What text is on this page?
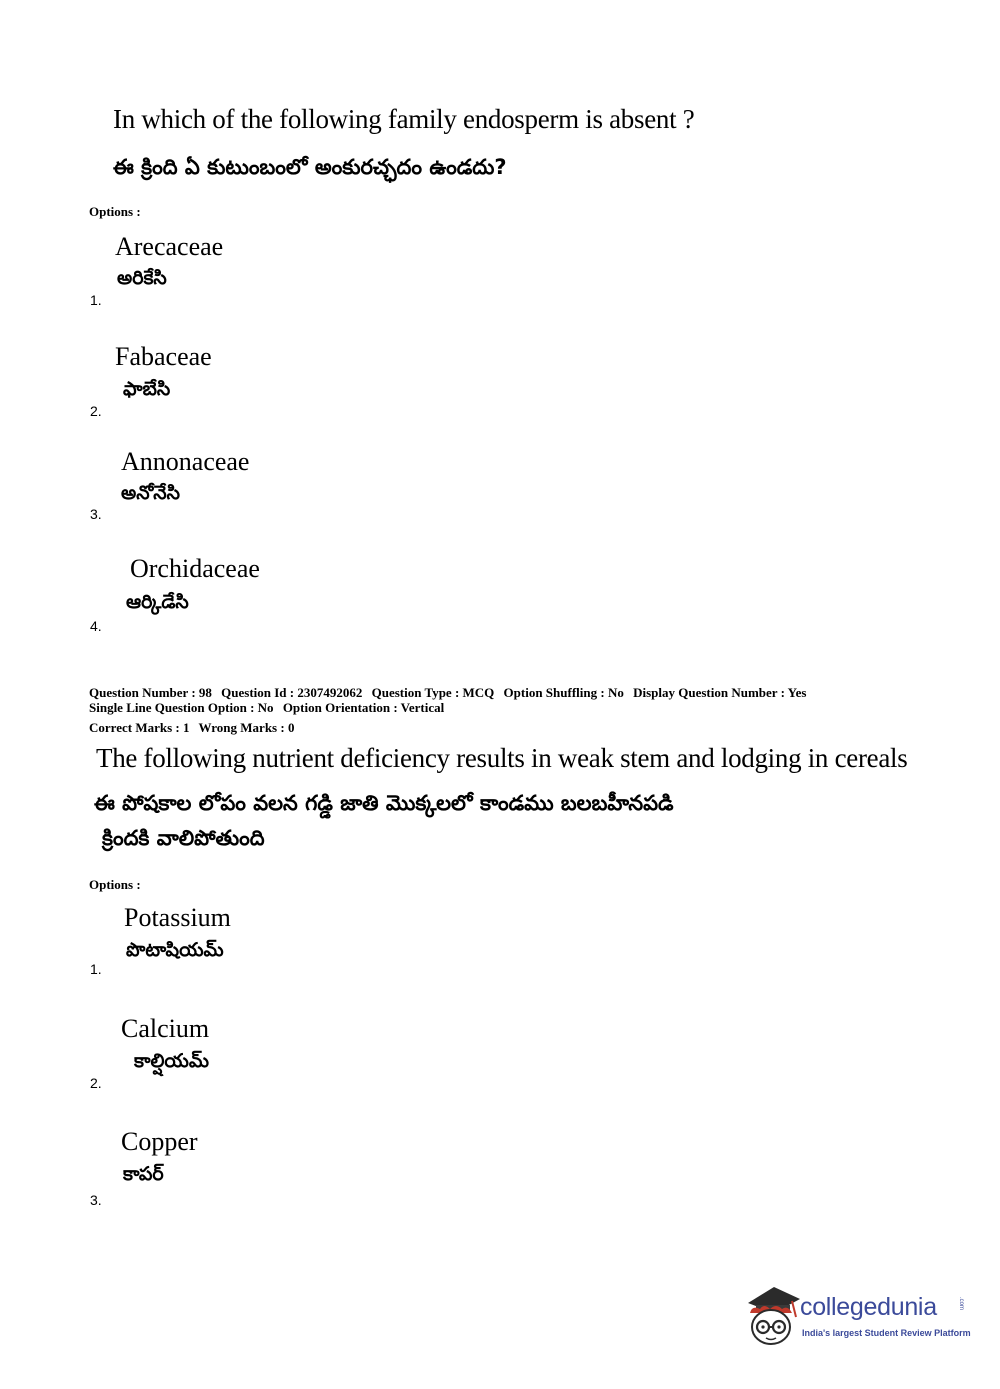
In which of the following family endosperm is absent ?
ఈ క్రింది ఏ కుటుంబంలో అంకురచ్ఛదం ఉండదు?
Options :
Arecaceae
అరికేసి
1.
Fabaceae
ఫాబేసి
2.
Annonaceae
అనోనేసి
3.
Orchidaceae
ఆర్కిడేసి
4.
Question Number : 98 Question Id : 2307492062 Question Type : MCQ Option Shuffling : No Display Question Number : Yes
Single Line Question Option : No Option Orientation : Vertical
Correct Marks : 1 Wrong Marks : 0
The following nutrient deficiency results in weak stem and lodging in cereals
ఈ పోషకాల లోపం వలన గడ్డి జాతి మొక్కలలో కాండము బలబహీనపడి
క్రిందకి వాలిపోతుంది
Options :
Potassium
పొటాషియమ్
1.
Calcium
కాల్షియమ్
2.
Copper
కాపర్
3.
collegedunia	.com
India's largest Student Review Platform
